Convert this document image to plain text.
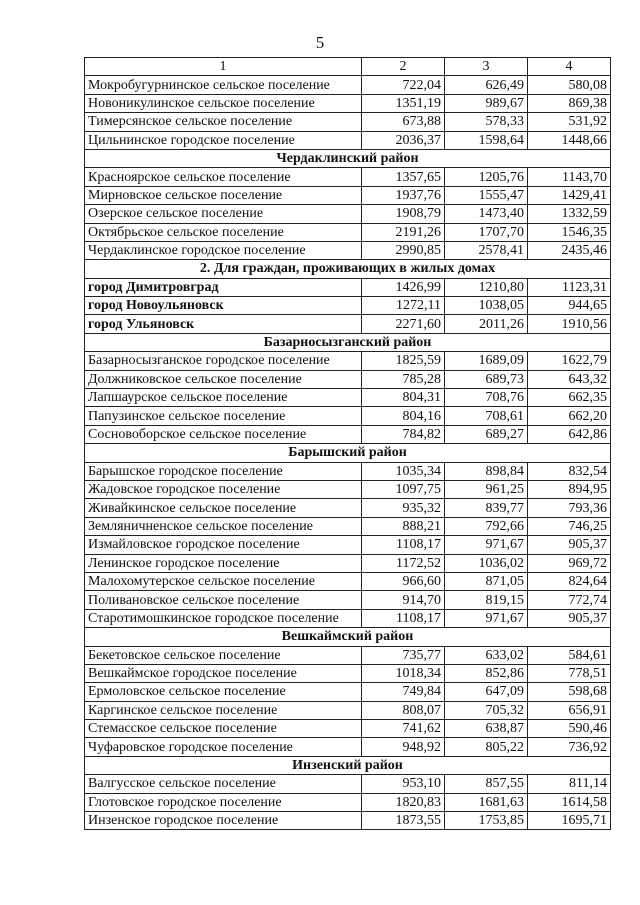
5
1	2	3	4
Мокробугурнинское сельское поселение	722,04	626,49	580,08
Новоникулинское сельское поселение	1351,19	989,67	869,38
Тимерсянское сельское поселение	673,88	578,33	531,92
Цильнинское городское поселение	2036,37	1598,64	1448,66
Чердаклинский район			
Красноярское сельское поселение	1357,65	1205,76	1143,70
Мирновское сельское поселение	1937,76	1555,47	1429,41
Озерское сельское поселение	1908,79	1473,40	1332,59
Октябрьское сельское поселение	2191,26	1707,70	1546,35
Чердаклинское городское поселение	2990,85	2578,41	2435,46
2. Для граждан, проживающих в жилых домах			
город Димитровград	1426,99	1210,80	1123,31
город Новоульяновск	1272,11	1038,05	944,65
город Ульяновск	2271,60	2011,26	1910,56
Базарносызганский район			
Базарносызганское городское поселение	1825,59	1689,09	1622,79
Должниковское сельское поселение	785,28	689,73	643,32
Лапшаурское сельское поселение	804,31	708,76	662,35
Папузинское сельское поселение	804,16	708,61	662,20
Сосновоборское сельское поселение	784,82	689,27	642,86
Барышский район			
Барышское городское поселение	1035,34	898,84	832,54
Жадовское городское поселение	1097,75	961,25	894,95
Живайкинское сельское поселение	935,32	839,77	793,36
Земляничненское сельское поселение	888,21	792,66	746,25
Измайловское городское поселение	1108,17	971,67	905,37
Ленинское городское поселение	1172,52	1036,02	969,72
Малохомутерское сельское поселение	966,60	871,05	824,64
Поливановское сельское поселение	914,70	819,15	772,74
Старотимошкинское городское поселение	1108,17	971,67	905,37
Вешкаймский район			
Бекетовское сельское поселение	735,77	633,02	584,61
Вешкаймское городское поселение	1018,34	852,86	778,51
Ермоловское сельское поселение	749,84	647,09	598,68
Каргинское сельское поселение	808,07	705,32	656,91
Стемасское сельское поселение	741,62	638,87	590,46
Чуфаровское городское поселение	948,92	805,22	736,92
Инзенский район			
Валгусское сельское поселение	953,10	857,55	811,14
Глотовское городское поселение	1820,83	1681,63	1614,58
Инзенское городское поселение	1873,55	1753,85	1695,71
